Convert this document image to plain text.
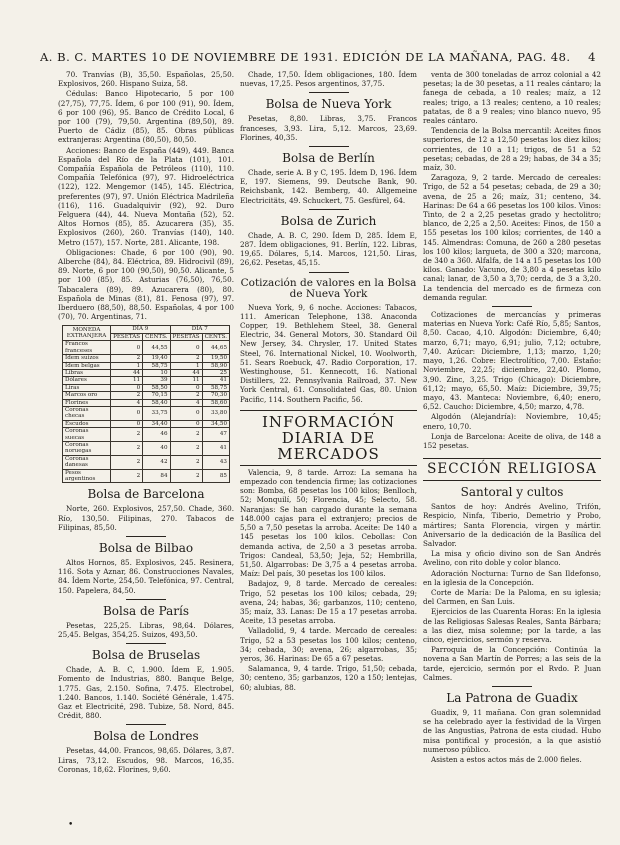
A. B. C. MARTES 10 DE NOVIEMBRE DE 1931. EDICIÓN DE LA MAÑANA, PAG. 48. 4

70. Tranvías (B), 35,50. Españolas, 25,50. Explosivos, 260. Hispano Suiza, 58.

Cédulas: Banco Hipotecario, 5 por 100 (27,75), 77,75. Ídem, 6 por 100 (91), 90. Ídem, 6 por 100 (96), 95. Banco de Crédito Local, 6 por 100 (79), 79,50. Argentina (89,50), 89. Puerto de Cádiz (85), 85. Obras públicas extranjeras: Argentina (80,50), 80,50.

Acciones: Banco de España (449), 449. Banca Española del Río de la Plata (101), 101. Compañía Española de Petróleos (110), 110. Compañía Telefónica (97), 97. Hidroeléctrica (122), 122. Mengemor (145), 145. Eléctrica, preferentes (97), 97. Unión Eléctrica Madrileña (116), 116. Guadalquivir (92), 92. Duro Felguera (44), 44. Nueva Montaña (52), 52. Altos Hornos (85), 85. Azucarera (35), 35. Explosivos (260), 260. Tranvías (140), 140. Metro (157), 157. Norte, 281. Alicante, 198.

Obligaciones: Chade, 6 por 100 (90), 90. Alberche (84), 84. Eléctrica, 89. Hidrocivil (89), 89. Norte, 6 por 100 (90,50), 90,50. Alicante, 5 por 100 (85), 85. Asturias (76,50), 76,50. Tabacalera (89), 89. Azucarera (80), 80. Española de Minas (81), 81. Fenosa (97), 97. Iberduero (88,50), 88,50. Españolas, 4 por 100 (70), 70. Argentinas, 71.

MONEDA EXTRANJERA	DÍA 9		DÍA 7	
	PESETAS	CENTS.	PESETAS	CENTS.
Francos franceses	0	44,55	0	44,65
Ídem suizos	2	19,40	2	19,50
Ídem belgas	1	58,75	1	58,90
Libras	44	10	44	25
Dólares	11	39	11	41
Liras	0	58,50	0	58,75
Marcos oro	2	70,15	2	70,30
Florines	4	58,40	4	58,60
Coronas checas	0	33,75	0	33,80
Escudos	0	34,40	0	34,50
Coronas suecas	2	46	2	47
Coronas noruegas	2	40	2	41
Coronas danesas	2	42	2	43
Pesos argentinos	2	84	2	85
Bolsa de Barcelona

Norte, 260. Explosivos, 257,50. Chade, 360. Río, 130,50. Filipinas, 270. Tabacos de Filipinas, 85,50.

Bolsa de Bilbao

Altos Hornos, 85. Explosivos, 245. Resinera, 116. Sota y Aznar, 86. Construcciones Navales, 84. Ídem Norte, 254,50. Telefónica, 97. Central, 150. Papelera, 84,50.

Bolsa de París

Pesetas, 225,25. Libras, 98,64. Dólares, 25,45. Belgas, 354,25. Suizos, 493,50.

Bolsa de Bruselas

Chade, A. B. C, 1.900. Ídem E, 1.905. Fomento de Industrias, 880. Banque Belge, 1.775. Gas, 2.150. Sofina, 7.475. Electrobel, 1.240. Bancos, 1.140. Société Générale, 1.475. Gaz et Electricité, 298. Tubize, 58. Nord, 845. Crédit, 880.

Bolsa de Londres

Pesetas, 44,00. Francos, 98,65. Dólares, 3,87. Liras, 73,12. Escudos, 98. Marcos, 16,35. Coronas, 18,62. Florines, 9,60.

Chade, 17,50. Ídem obligaciones, 180. Ídem nuevas, 17,25. Pesos argentinos, 37,75.

Bolsa de Nueva York

Pesetas, 8,80. Libras, 3,75. Francos franceses, 3,93. Lira, 5,12. Marcos, 23,69. Florines, 40,35.

Bolsa de Berlín

Chade, serie A. B y C, 195. Ídem D, 196. Ídem E, 197. Siemens, 99. Deutsche Bank, 90. Reichsbank, 142. Bemberg, 40. Allgemeine Electricitäts, 49. Schuckert, 75. Gesfürel, 64.

Bolsa de Zurich

Chade, A. B. C, 290. Ídem D, 285. Ídem E, 287. Ídem obligaciones, 91. Berlín, 122. Libras, 19,65. Dólares, 5,14. Marcos, 121,50. Liras, 26,62. Pesetas, 45,15.

Cotización de valores en la Bolsa de Nueva York

Nueva York, 9, 6 noche. Acciones: Tabacos, 111. American Telephone, 138. Anaconda Copper, 19. Bethlehem Steel, 38. General Electric, 34. General Motors, 30. Standard Oil New Jersey, 34. Chrysler, 17. United States Steel, 76. International Nickel, 10. Woolworth, 51. Sears Roebuck, 47. Radio Corporation, 17. Westinghouse, 51. Kennecott, 16. National Distillers, 22. Pennsylvania Railroad, 37. New York Central, 61. Consolidated Gas, 80. Union Pacific, 114. Southern Pacific, 56.

INFORMACIÓN DIARIA DE MERCADOS

Valencia, 9, 8 tarde. Arroz: La semana ha empezado con tendencia firme; las cotizaciones son: Bomba, 68 pesetas los 100 kilos; Benlloch, 52; Monquilí, 50; Florencia, 45; Selecto, 58. Naranjas: Se han cargado durante la semana 148.000 cajas para el extranjero; precios de 5,50 a 7,50 pesetas la arroba. Aceite: De 140 a 145 pesetas los 100 kilos. Cebollas: Con demanda activa, de 2,50 a 3 pesetas arroba. Trigos: Candeal, 53,50; Jeja, 52; Hembrilla, 51,50. Algarrobas: De 3,75 a 4 pesetas arroba. Maíz: Del país, 30 pesetas los 100 kilos.

Badajoz, 9, 8 tarde. Mercado de cereales: Trigo, 52 pesetas los 100 kilos; cebada, 29; avena, 24; habas, 36; garbanzos, 110; centeno, 35; maíz, 33. Lanas: De 15 a 17 pesetas arroba. Aceite, 13 pesetas arroba.

Valladolid, 9, 4 tarde. Mercado de cereales: Trigo, 52 a 53 pesetas los 100 kilos; centeno, 34; cebada, 30; avena, 26; algarrobas, 35; yeros, 36. Harinas: De 65 a 67 pesetas.

Salamanca, 9, 4 tarde. Trigo, 51,50; cebada, 30; centeno, 35; garbanzos, 120 a 150; lentejas, 60; alubias, 88.

venta de 300 toneladas de arroz colonial a 42 pesetas; la de 30 pesetas, a 11 reales cántaro; la fanega de cebada, a 10 reales; maíz, a 12 reales; trigo, a 13 reales; centeno, a 10 reales; patatas, de 8 a 9 reales; vino blanco nuevo, 95 reales cántaro.

Tendencia de la Bolsa mercantil: Aceites finos superiores, de 12 a 12,50 pesetas los diez kilos; corrientes, de 10 a 11; trigos, de 51 a 52 pesetas; cebadas, de 28 a 29; habas, de 34 a 35; maíz, 30.

Zaragoza, 9, 2 tarde. Mercado de cereales: Trigo, de 52 a 54 pesetas; cebada, de 29 a 30; avena, de 25 a 26; maíz, 31; centeno, 34. Harinas: De 64 a 66 pesetas los 100 kilos. Vinos: Tinto, de 2 a 2,25 pesetas grado y hectolitro; blanco, de 2,25 a 2,50. Aceites: Finos, de 150 a 155 pesetas los 100 kilos; corrientes, de 140 a 145. Almendras: Comuna, de 260 a 280 pesetas los 100 kilos; largueta, de 300 a 320; marcona, de 340 a 360. Alfalfa, de 14 a 15 pesetas los 100 kilos. Ganado: Vacuno, de 3,80 a 4 pesetas kilo canal; lanar, de 3,50 a 3,70; cerda, de 3 a 3,20. La tendencia del mercado es de firmeza con demanda regular.

Cotizaciones de mercancías y primeras materias en Nueva York: Café Río, 5,85; Santos, 8,50. Cacao, 4,10. Algodón: Diciembre, 6,40; marzo, 6,71; mayo, 6,91; julio, 7,12; octubre, 7,40. Azúcar: Diciembre, 1,13; marzo, 1,20; mayo, 1,26. Cobre: Electrolítico, 7,00. Estaño: Noviembre, 22,25; diciembre, 22,40. Plomo, 3,90. Zinc, 3,25. Trigo (Chicago): Diciembre, 61,12; mayo, 65,50. Maíz: Diciembre, 39,75; mayo, 43. Manteca: Noviembre, 6,40; enero, 6,52. Caucho: Diciembre, 4,50; marzo, 4,78.

Algodón (Alejandría): Noviembre, 10,45; enero, 10,70.

Lonja de Barcelona: Aceite de oliva, de 148 a 152 pesetas.

SECCIÓN RELIGIOSA
Santoral y cultos

Santos de hoy: Andrés Avelino, Trifón, Respicio, Ninfa, Tiberio, Demetrio y Probo, mártires; Santa Florencia, virgen y mártir. Aniversario de la dedicación de la Basílica del Salvador.

La misa y oficio divino son de San Andrés Avelino, con rito doble y color blanco.

Adoración Nocturna: Turno de San Ildefonso, en la iglesia de la Concepción.

Corte de María: De la Paloma, en su iglesia; del Carmen, en San Luis.

Ejercicios de las Cuarenta Horas: En la iglesia de las Religiosas Salesas Reales, Santa Bárbara; a las diez, misa solemne; por la tarde, a las cinco, ejercicios, sermón y reserva.

Parroquia de la Concepción: Continúa la novena a San Martín de Porres; a las seis de la tarde, ejercicio, sermón por el Rvdo. P. Juan Calmes.

La Patrona de Guadix

Guadix, 9, 11 mañana. Con gran solemnidad se ha celebrado ayer la festividad de la Virgen de las Angustias, Patrona de esta ciudad. Hubo misa pontifical y procesión, a la que asistió numeroso público.

Asisten a estos actos más de 2.000 fieles.

•
